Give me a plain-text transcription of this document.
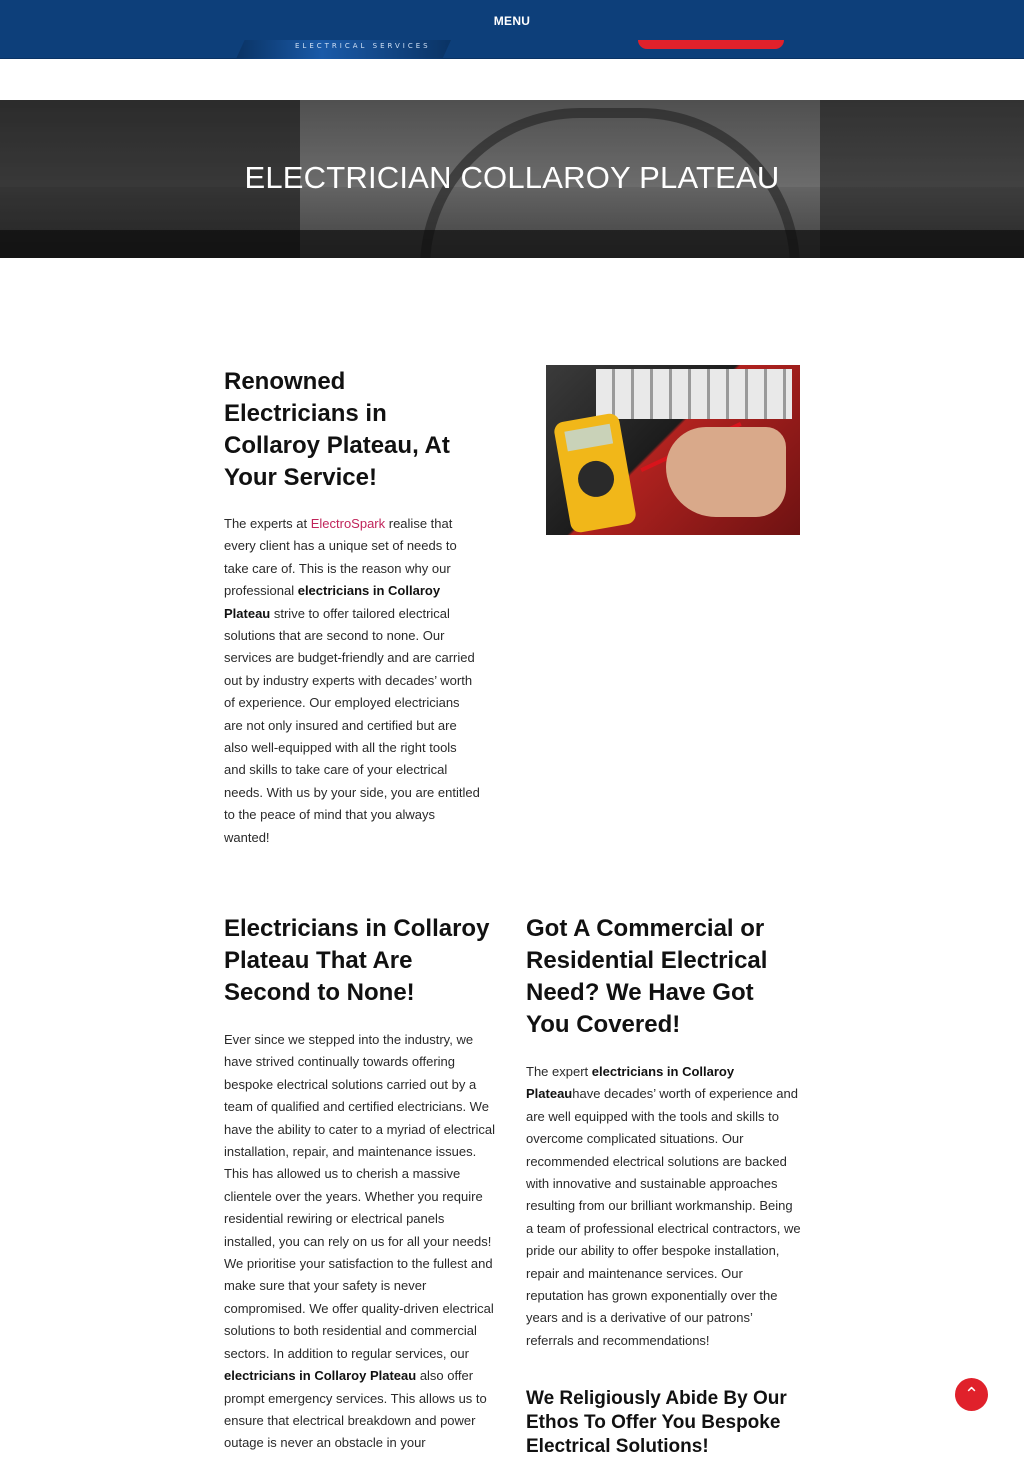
ELECTRICAL SERVICES
MENU
ELECTRICIAN COLLAROY PLATEAU
Renowned Electricians in Collaroy Plateau, At Your Service!

The experts at ElectroSpark realise that every client has a unique set of needs to take care of. This is the reason why our professional electricians in Collaroy Plateau strive to offer tailored electrical solutions that are second to none. Our services are budget-friendly and are carried out by industry experts with decades’ worth of experience. Our employed electricians are not only insured and certified but are also well-equipped with all the right tools and skills to take care of your electrical needs. With us by your side, you are entitled to the peace of mind that you always wanted!

Electricians in Collaroy Plateau That Are Second to None!

Ever since we stepped into the industry, we have strived continually towards offering bespoke electrical solutions carried out by a team of qualified and certified electricians. We have the ability to cater to a myriad of electrical installation, repair, and maintenance issues. This has allowed us to cherish a massive clientele over the years. Whether you require residential rewiring or electrical panels installed, you can rely on us for all your needs! We prioritise your satisfaction to the fullest and make sure that your safety is never compromised. We offer quality-driven electrical solutions to both residential and commercial sectors. In addition to regular services, our electricians in Collaroy Plateau also offer prompt emergency services. This allows us to ensure that electrical breakdown and power outage is never an obstacle in your

Got A Commercial or Residential Electrical Need? We Have Got You Covered!

The expert electricians in Collaroy Plateauhave decades’ worth of experience and are well equipped with the tools and skills to overcome complicated situations. Our recommended electrical solutions are backed with innovative and sustainable approaches resulting from our brilliant workmanship. Being a team of professional electrical contractors, we pride our ability to offer bespoke installation, repair and maintenance services. Our reputation has grown exponentially over the years and is a derivative of our patrons’ referrals and recommendations!

We Religiously Abide By Our Ethos To Offer You Bespoke Electrical Solutions!
⌃
